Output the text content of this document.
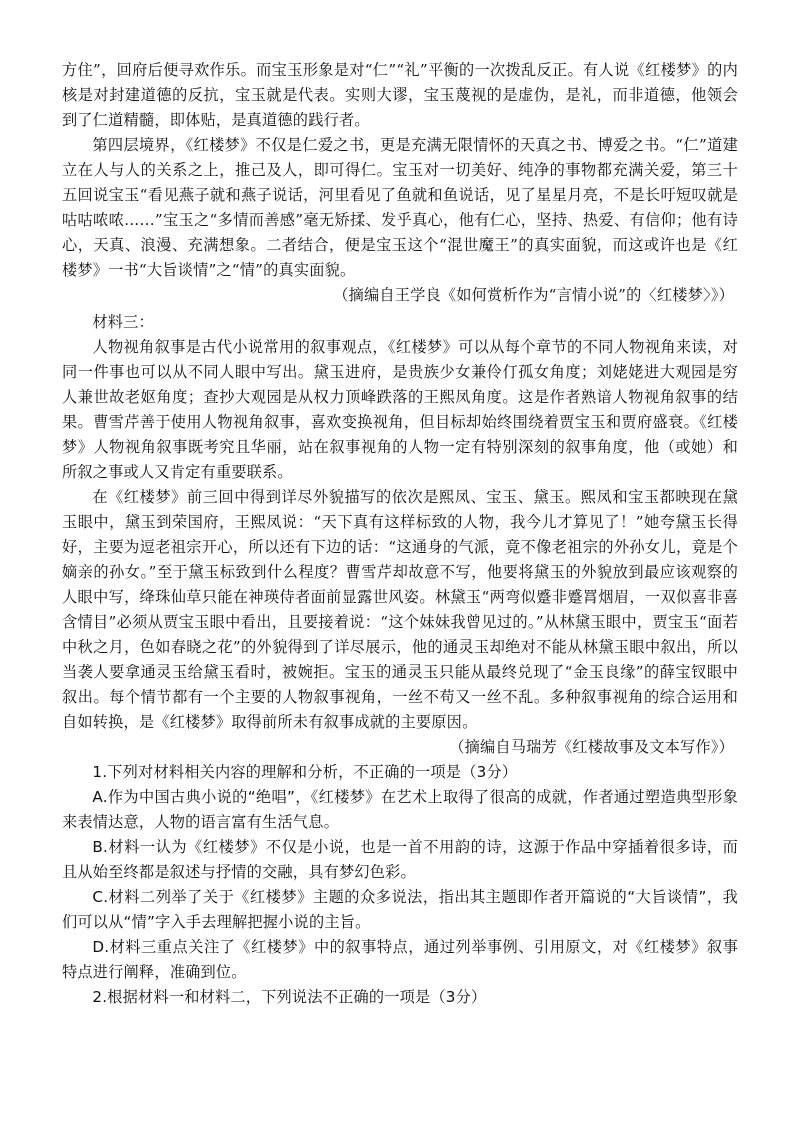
方住”，回府后便寻欢作乐。而宝玉形象是对“仁”“礼”平衡的一次拨乱反正。有人说《红楼梦》的内核是对封建道德的反抗，宝玉就是代表。实则大谬，宝玉蔑视的是虚伪，是礼，而非道德，他领会到了仁道精髓，即体贴，是真道德的践行者。

第四层境界，《红楼梦》不仅是仁爱之书，更是充满无限情怀的天真之书、博爱之书。“仁”道建立在人与人的关系之上，推己及人，即可得仁。宝玉对一切美好、纯净的事物都充满关爱，第三十五回说宝玉“看见燕子就和燕子说话，河里看见了鱼就和鱼说话，见了星星月亮，不是长吁短叹就是咕咕哝哝……”宝玉之“多情而善感”毫无矫揉、发乎真心，他有仁心，坚持、热爱、有信仰；他有诗心，天真、浪漫、充满想象。二者结合，便是宝玉这个“混世魔王”的真实面貌，而这或许也是《红楼梦》一书“大旨谈情”之“情”的真实面貌。

（摘编自王学良《如何赏析作为“言情小说”的〈红楼梦〉》）

材料三：

人物视角叙事是古代小说常用的叙事观点，《红楼梦》可以从每个章节的不同人物视角来读，对同一件事也可以从不同人眼中写出。黛玉进府，是贵族少女兼伶仃孤女角度；刘姥姥进大观园是穷人兼世故老妪角度；查抄大观园是从权力顶峰跌落的王熙凤角度。这是作者熟谙人物视角叙事的结果。曹雪芹善于使用人物视角叙事，喜欢变换视角，但目标却始终围绕着贾宝玉和贾府盛衰。《红楼梦》人物视角叙事既考究且华丽，站在叙事视角的人物一定有特别深刻的叙事角度，他（或她）和所叙之事或人又肯定有重要联系。

在《红楼梦》前三回中得到详尽外貌描写的依次是熙凤、宝玉、黛玉。熙凤和宝玉都映现在黛玉眼中，黛玉到荣国府，王熙凤说：“天下真有这样标致的人物，我今儿才算见了！”她夸黛玉长得好，主要为逗老祖宗开心，所以还有下边的话：“这通身的气派，竟不像老祖宗的外孙女儿，竟是个嫡亲的孙女。”至于黛玉标致到什么程度？曹雪芹却故意不写，他要将黛玉的外貌放到最应该观察的人眼中写，绛珠仙草只能在神瑛侍者面前显露世风姿。林黛玉“两弯似蹙非蹙罥烟眉，一双似喜非喜含情目”必须从贾宝玉眼中看出，且要接着说：“这个妹妹我曾见过的。”从林黛玉眼中，贾宝玉“面若中秋之月，色如春晓之花”的外貌得到了详尽展示，他的通灵玉却绝对不能从林黛玉眼中叙出，所以当袭人要拿通灵玉给黛玉看时，被婉拒。宝玉的通灵玉只能从最终兑现了“金玉良缘”的薛宝钗眼中叙出。每个情节都有一个主要的人物叙事视角，一丝不苟又一丝不乱。多种叙事视角的综合运用和自如转换，是《红楼梦》取得前所未有叙事成就的主要原因。

（摘编自马瑞芳《红楼故事及文本写作》）

1.下列对材料相关内容的理解和分析，不正确的一项是（3分）

A.作为中国古典小说的“绝唱”，《红楼梦》在艺术上取得了很高的成就，作者通过塑造典型形象来表情达意，人物的语言富有生活气息。

B.材料一认为《红楼梦》不仅是小说，也是一首不用韵的诗，这源于作品中穿插着很多诗，而且从始至终都是叙述与抒情的交融，具有梦幻色彩。

C.材料二列举了关于《红楼梦》主题的众多说法，指出其主题即作者开篇说的“大旨谈情”，我们可以从“情”字入手去理解把握小说的主旨。

D.材料三重点关注了《红楼梦》中的叙事特点，通过列举事例、引用原文，对《红楼梦》叙事特点进行阐释，准确到位。

2.根据材料一和材料二，下列说法不正确的一项是（3分）
